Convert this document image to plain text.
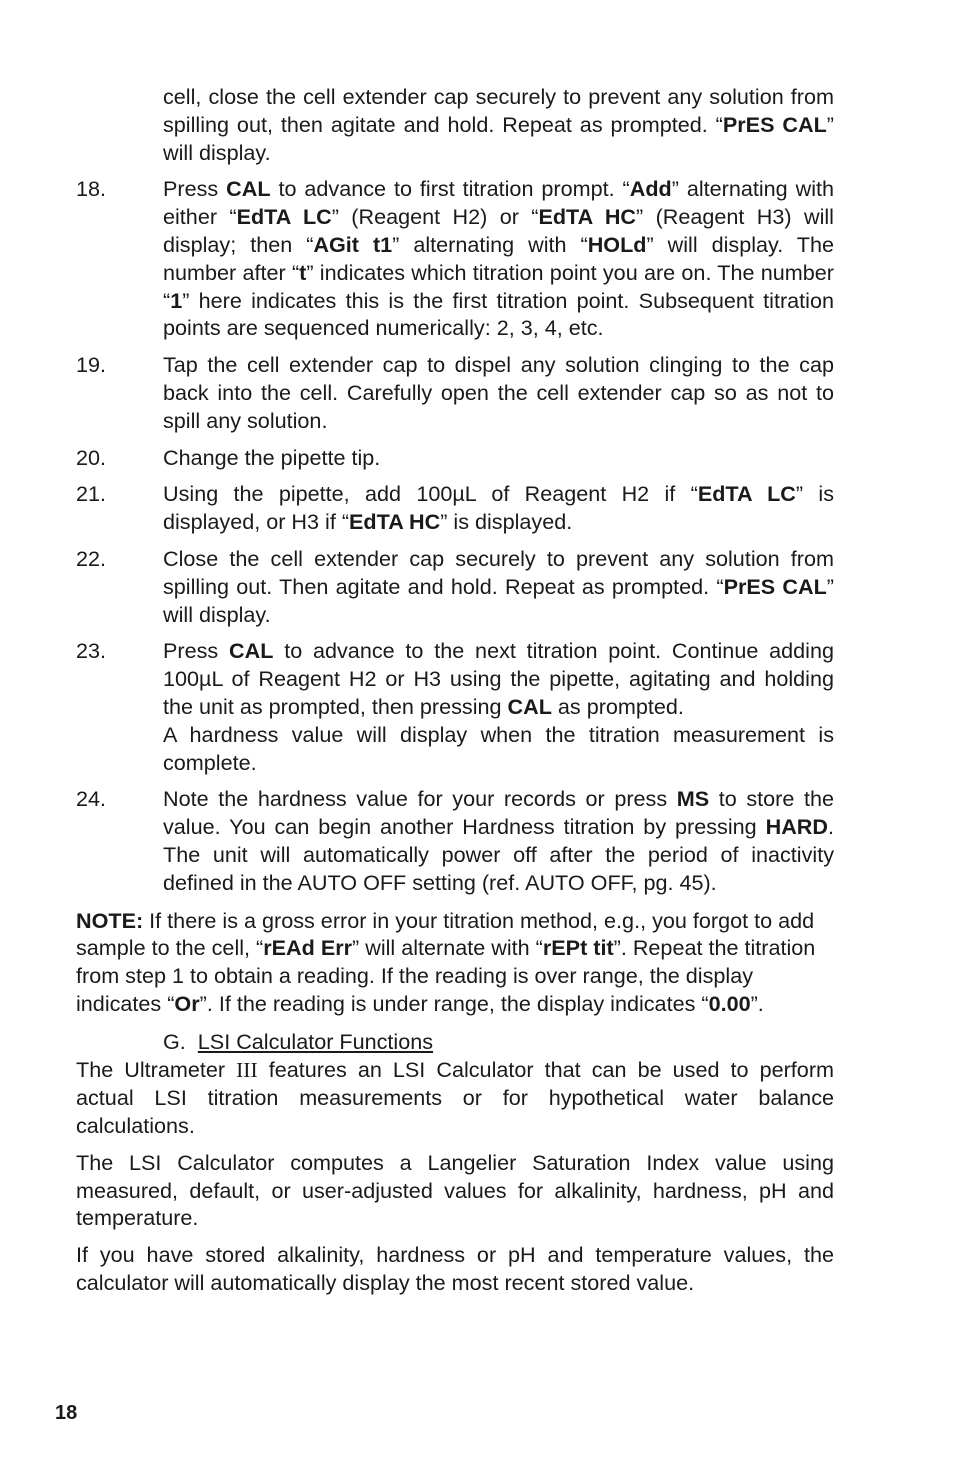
cell, close the cell extender cap securely to prevent any solution from spilling out, then agitate and hold. Repeat as prompted. “PrES CAL” will display.
18.	Press CAL to advance to first titration prompt. “Add” alternating with either “EdTA LC” (Reagent H2) or “EdTA HC” (Reagent H3) will display; then “AGit t1” alternating with “HOLd” will display. The number after “t” indicates which titration point you are on. The number “1” here indicates this is the first titration point. Subsequent titration points are sequenced numerically: 2, 3, 4, etc.
19.	Tap the cell extender cap to dispel any solution clinging to the cap back into the cell. Carefully open the cell extender cap so as not to spill any solution.
20.	Change the pipette tip.
21.	Using the pipette, add 100µL of Reagent H2 if “EdTA LC” is displayed, or H3 if “EdTA HC” is displayed.
22.	Close the cell extender cap securely to prevent any solution from spilling out. Then agitate and hold. Repeat as prompted. “PrES CAL” will display.
23.	Press CAL to advance to the next titration point. Continue adding 100µL of Reagent H2 or H3 using the pipette, agitating and holding the unit as prompted, then pressing CAL as prompted.
A hardness value will display when the titration measurement is complete.
24.	Note the hardness value for your records or press MS to store the value. You can begin another Hardness titration by pressing HARD. The unit will automatically power off after the period of inactivity defined in the AUTO OFF setting (ref. AUTO OFF, pg. 45).
NOTE: If there is a gross error in your titration method, e.g., you forgot to add sample to the cell, “rEAd Err” will alternate with “rEPt tit”. Repeat the titration from step 1 to obtain a reading. If the reading is over range, the display indicates “Or”. If the reading is under range, the display indicates “0.00”.
G. LSI Calculator Functions
The Ultrameter III features an LSI Calculator that can be used to perform actual LSI titration measurements or for hypothetical water balance calculations.
The LSI Calculator computes a Langelier Saturation Index value using measured, default, or user-adjusted values for alkalinity, hardness, pH and temperature.
If you have stored alkalinity, hardness or pH and temperature values, the calculator will automatically display the most recent stored value.
18
